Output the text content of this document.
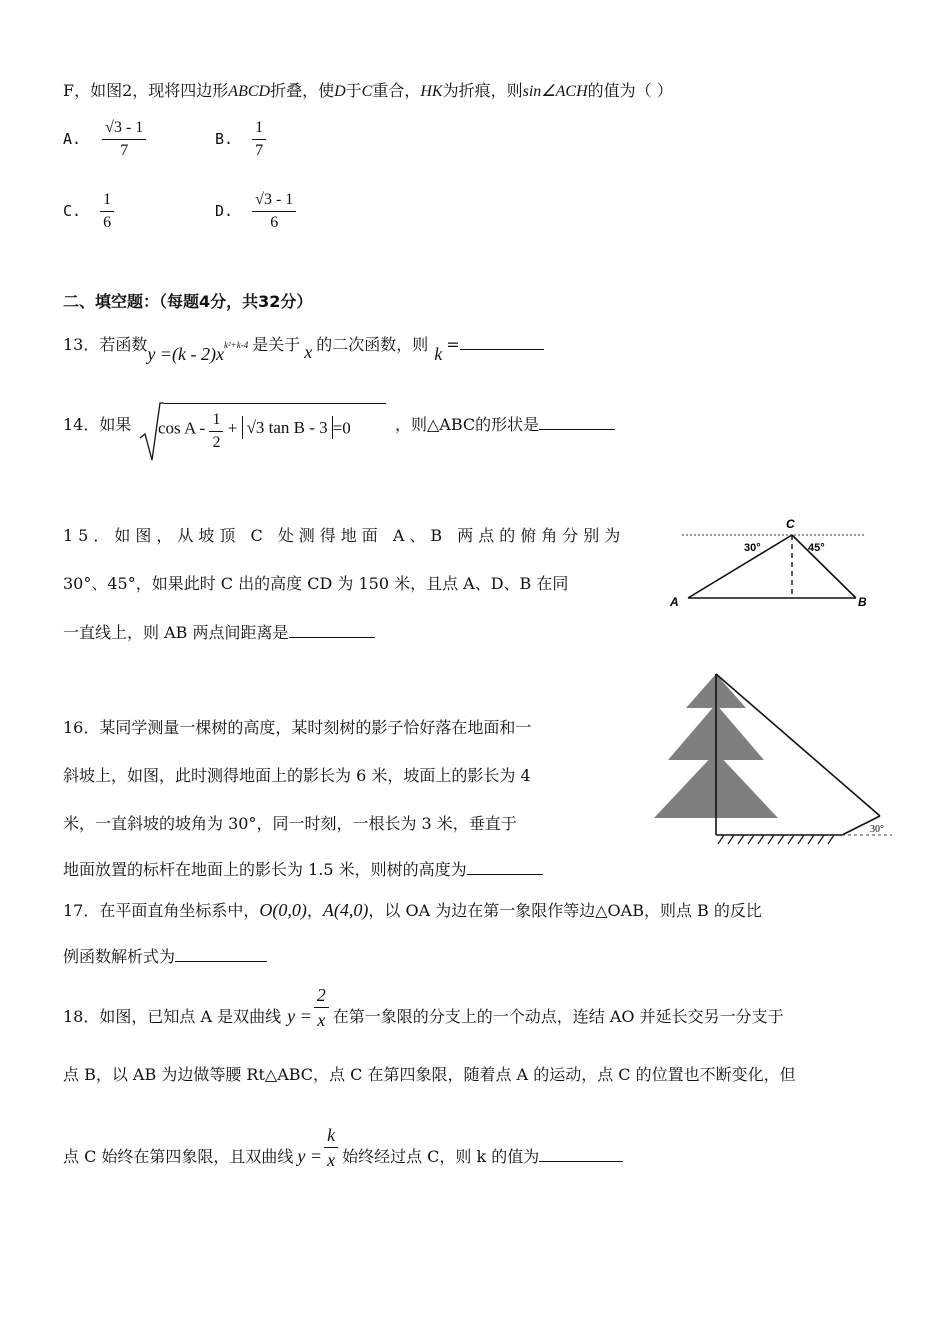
F，如图2，现将四边形ABCD折叠，使D于C重合，HK为折痕，则sin∠ACH的值为（ ）
A. $\frac{√3 - 1}{7}$	B. $\frac{1}{7}$
C. $\frac{1}{6}$	D. $\frac{√3 - 1}{6}$
二、填空题：（每题4分，共32分）
13．若函数$y =(k - 2)x^{k^2+k-4}$ 是关于 x 的二次函数，则 k =
14．如果 $\cos A - \frac{1}{2} + √3$ tan B - 3 =0	，则△ABC的形状是
15．如图，从坡顶 C 处测得地面 A、B 两点的俯角分别为
30°、45°，如果此时 C 出的高度 CD 为 150 米，且点 A、D、B 在同
一直线上，则 AB 两点间距离是
C
A	B
30°	45°
16．某同学测量一棵树的高度，某时刻树的影子恰好落在地面和一
斜坡上，如图，此时测得地面上的影长为 6 米，坡面上的影长为 4
米，一直斜坡的坡角为 30°，同一时刻，一根长为 3 米，垂直于
地面放置的标杆在地面上的影长为 1.5 米，则树的高度为
30°
17．在平面直角坐标系中，O(0,0)，A(4,0)，以 OA 为边在第一象限作等边△OAB，则点 B 的反比
例函数解析式为
18．如图，已知点 A 是双曲线 $y = \frac{2}{x}$ 在第一象限的分支上的一个动点，连结 AO 并延长交另一分支于
点 B，以 AB 为边做等腰 Rt△ABC，点 C 在第四象限，随着点 A 的运动，点 C 的位置也不断变化，但
点 C 始终在第四象限，且双曲线 $y = \frac{k}{x}$ 始终经过点 C，则 k 的值为
